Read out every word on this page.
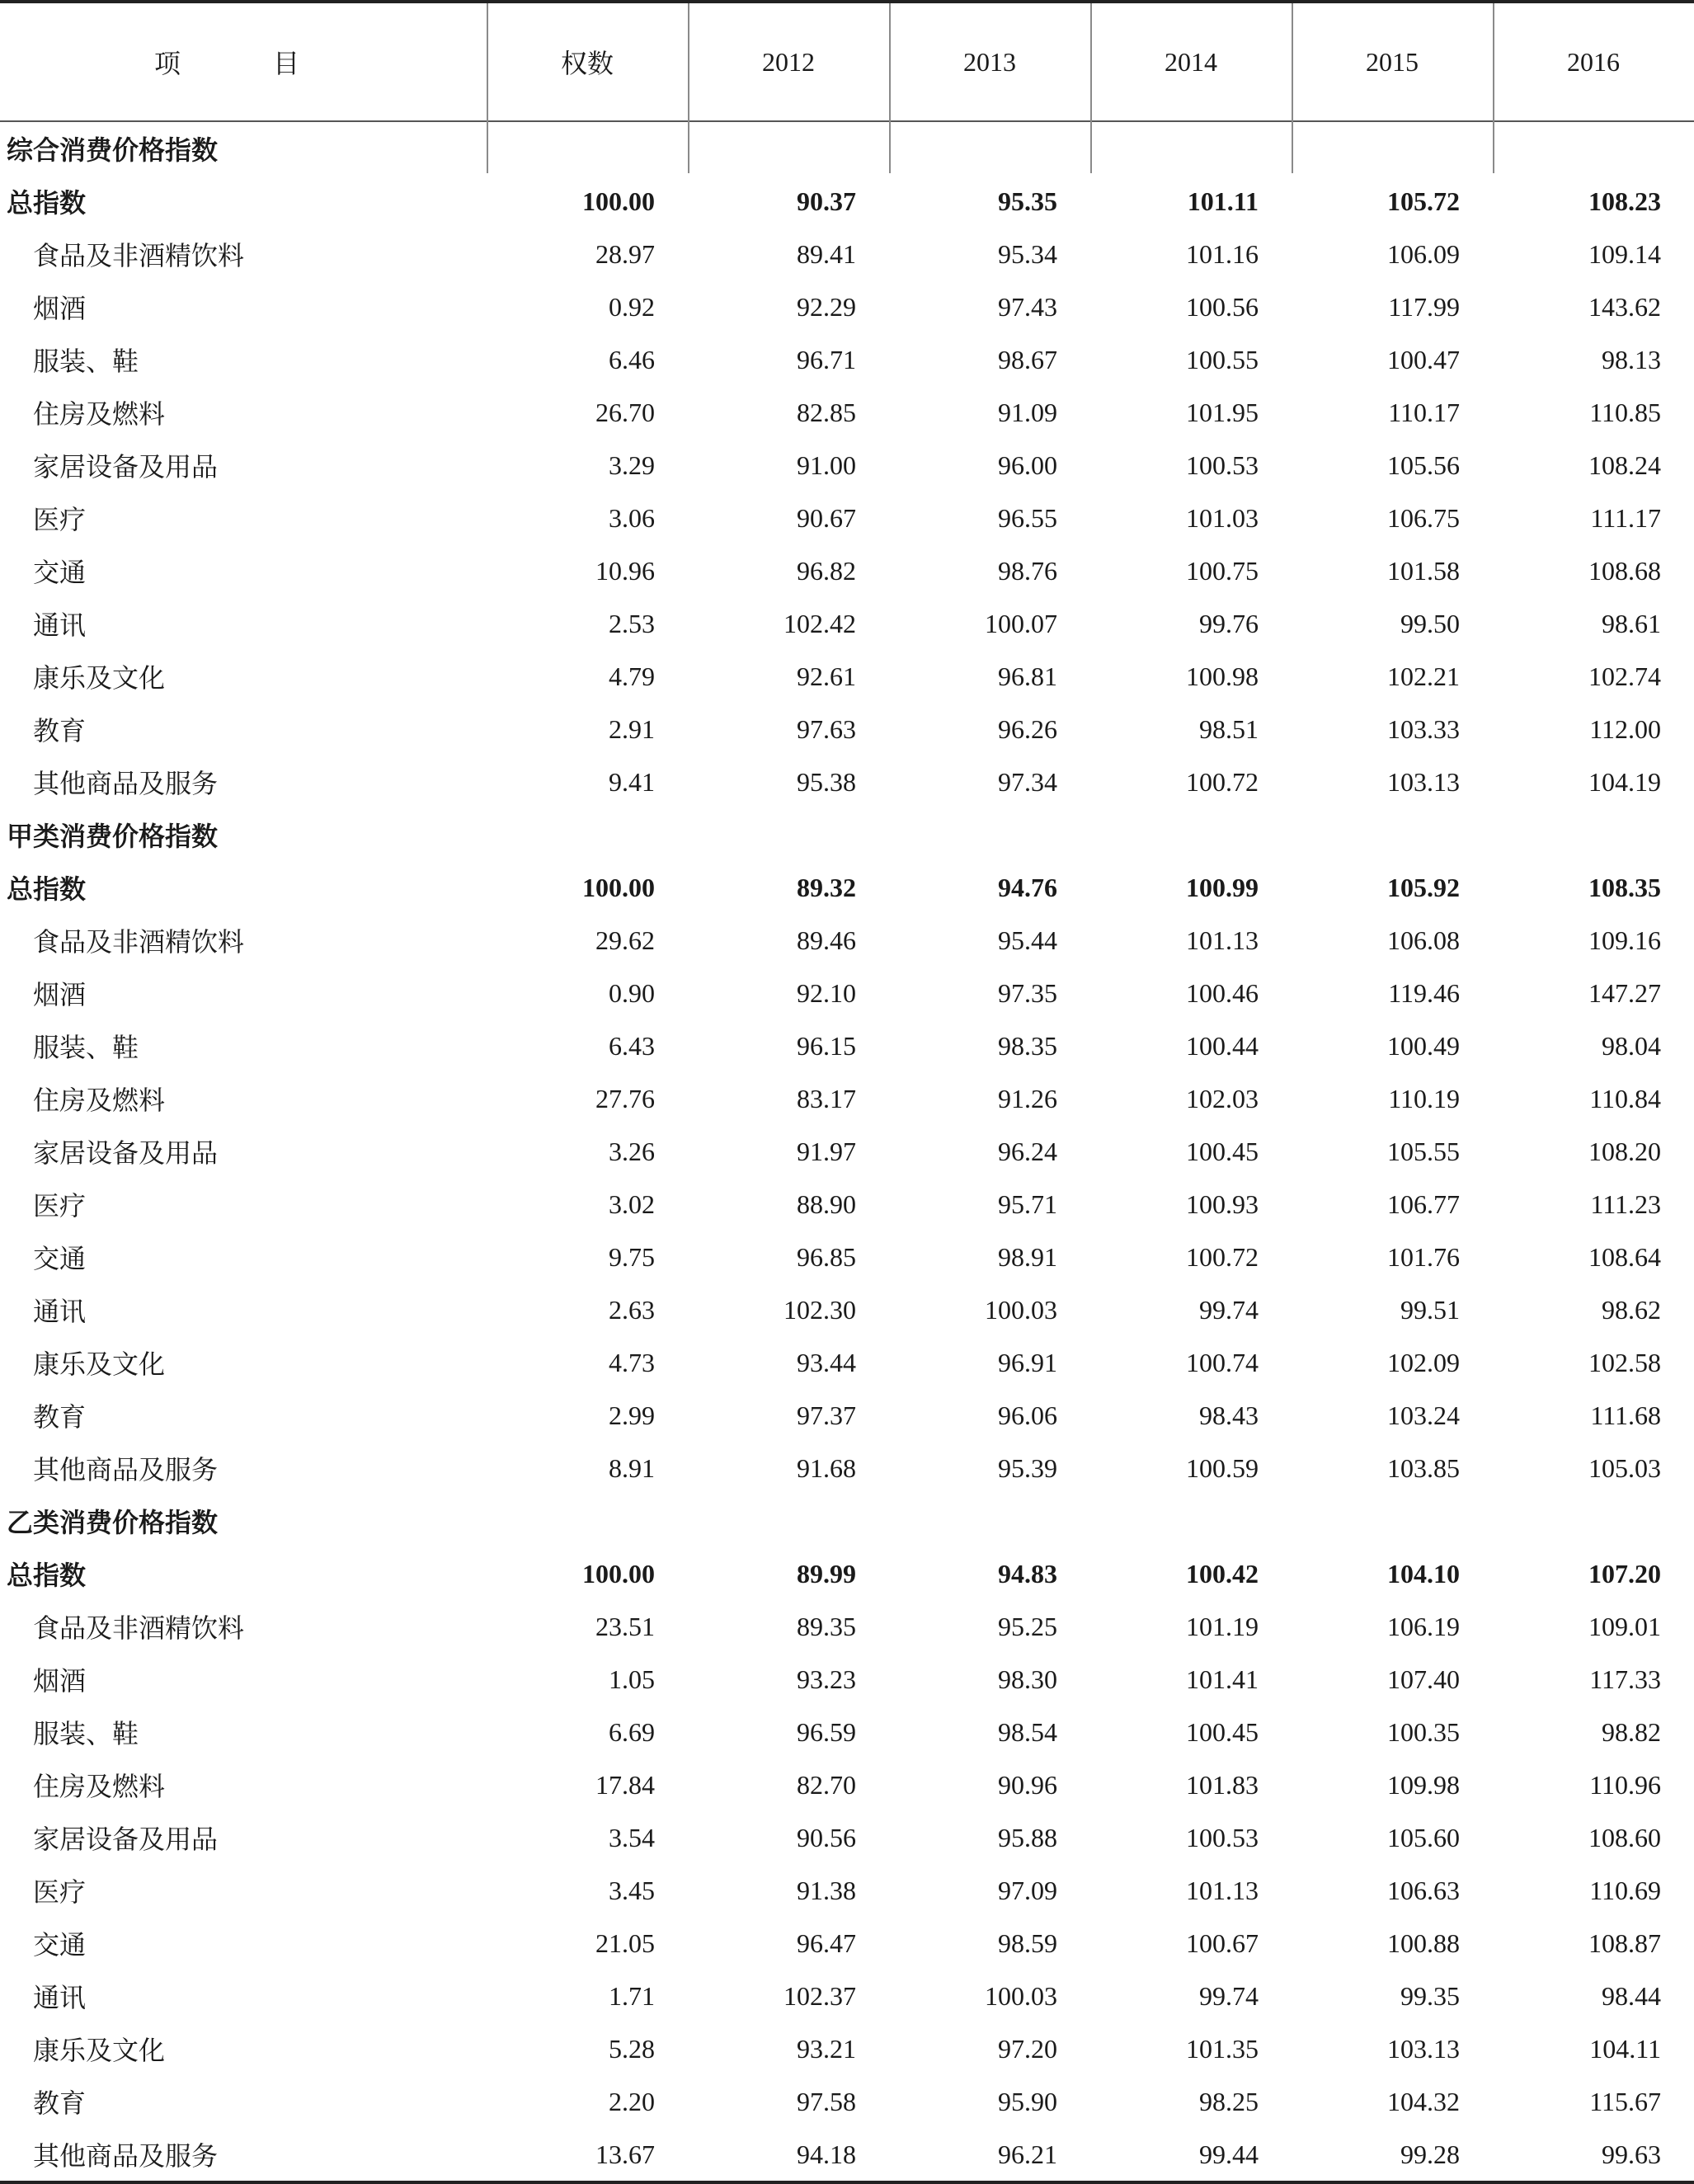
项　目	权数	2012	2013	2014	2015	2016
综合消费价格指数
总指数	100.00	90.37	95.35	101.11	105.72	108.23
食品及非酒精饮料	28.97	89.41	95.34	101.16	106.09	109.14
烟酒	0.92	92.29	97.43	100.56	117.99	143.62
服装、鞋	6.46	96.71	98.67	100.55	100.47	98.13
住房及燃料	26.70	82.85	91.09	101.95	110.17	110.85
家居设备及用品	3.29	91.00	96.00	100.53	105.56	108.24
医疗	3.06	90.67	96.55	101.03	106.75	111.17
交通	10.96	96.82	98.76	100.75	101.58	108.68
通讯	2.53	102.42	100.07	99.76	99.50	98.61
康乐及文化	4.79	92.61	96.81	100.98	102.21	102.74
教育	2.91	97.63	96.26	98.51	103.33	112.00
其他商品及服务	9.41	95.38	97.34	100.72	103.13	104.19
甲类消费价格指数
总指数	100.00	89.32	94.76	100.99	105.92	108.35
食品及非酒精饮料	29.62	89.46	95.44	101.13	106.08	109.16
烟酒	0.90	92.10	97.35	100.46	119.46	147.27
服装、鞋	6.43	96.15	98.35	100.44	100.49	98.04
住房及燃料	27.76	83.17	91.26	102.03	110.19	110.84
家居设备及用品	3.26	91.97	96.24	100.45	105.55	108.20
医疗	3.02	88.90	95.71	100.93	106.77	111.23
交通	9.75	96.85	98.91	100.72	101.76	108.64
通讯	2.63	102.30	100.03	99.74	99.51	98.62
康乐及文化	4.73	93.44	96.91	100.74	102.09	102.58
教育	2.99	97.37	96.06	98.43	103.24	111.68
其他商品及服务	8.91	91.68	95.39	100.59	103.85	105.03
乙类消费价格指数
总指数	100.00	89.99	94.83	100.42	104.10	107.20
食品及非酒精饮料	23.51	89.35	95.25	101.19	106.19	109.01
烟酒	1.05	93.23	98.30	101.41	107.40	117.33
服装、鞋	6.69	96.59	98.54	100.45	100.35	98.82
住房及燃料	17.84	82.70	90.96	101.83	109.98	110.96
家居设备及用品	3.54	90.56	95.88	100.53	105.60	108.60
医疗	3.45	91.38	97.09	101.13	106.63	110.69
交通	21.05	96.47	98.59	100.67	100.88	108.87
通讯	1.71	102.37	100.03	99.74	99.35	98.44
康乐及文化	5.28	93.21	97.20	101.35	103.13	104.11
教育	2.20	97.58	95.90	98.25	104.32	115.67
其他商品及服务	13.67	94.18	96.21	99.44	99.28	99.63
